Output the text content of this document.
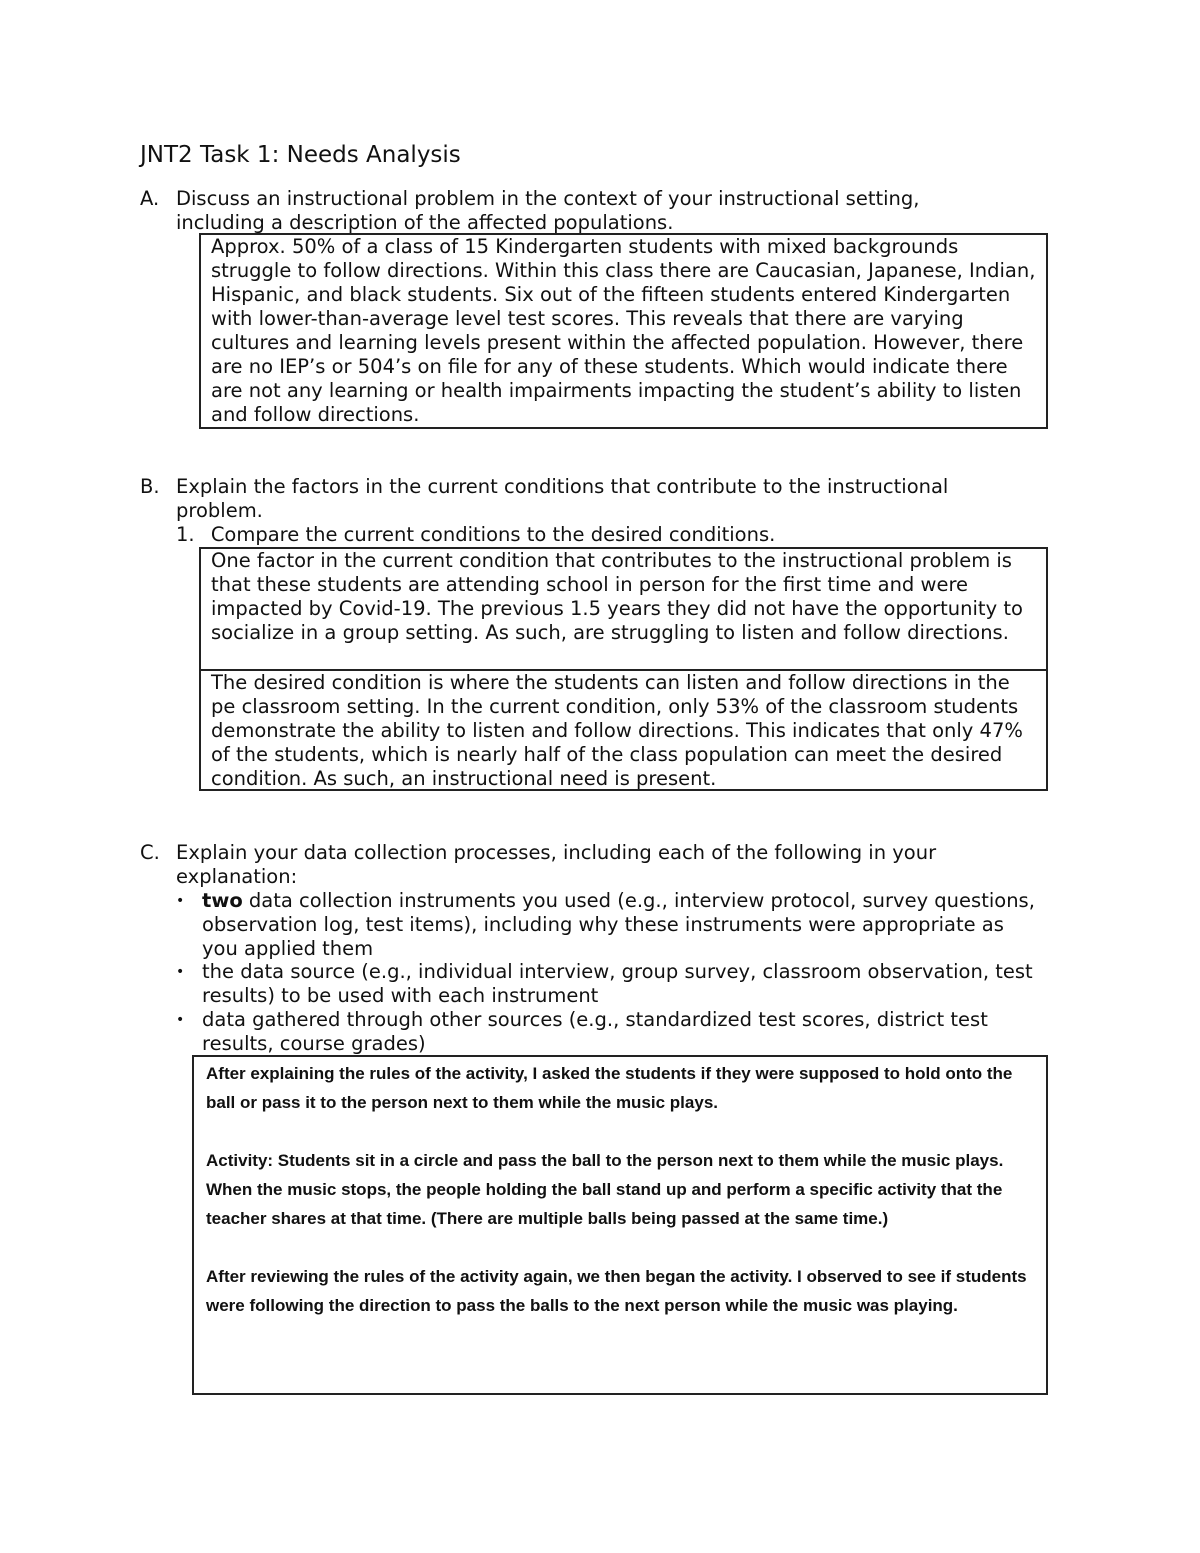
JNT2 Task 1: Needs Analysis
A. Discuss an instructional problem in the context of your instructional setting, including a description of the affected populations.

Approx. 50% of a class of 15 Kindergarten students with mixed backgrounds struggle to follow directions. Within this class there are Caucasian, Japanese, Indian, Hispanic, and black students. Six out of the fifteen students entered Kindergarten with lower-than-average level test scores. This reveals that there are varying cultures and learning levels present within the affected population. However, there are no IEP’s or 504’s on file for any of these students. Which would indicate there are not any learning or health impairments impacting the student’s ability to listen and follow directions.

B. Explain the factors in the current conditions that contribute to the instructional problem.
1. Compare the current conditions to the desired conditions.

One factor in the current condition that contributes to the instructional problem is that these students are attending school in person for the first time and were impacted by Covid-19. The previous 1.5 years they did not have the opportunity to socialize in a group setting. As such, are struggling to listen and follow directions.

The desired condition is where the students can listen and follow directions in the pe classroom setting. In the current condition, only 53% of the classroom students demonstrate the ability to listen and follow directions. This indicates that only 47% of the students, which is nearly half of the class population can meet the desired condition. As such, an instructional need is present.

C. Explain your data collection processes, including each of the following in your explanation:
• two data collection instruments you used (e.g., interview protocol, survey questions, observation log, test items), including why these instruments were appropriate as you applied them
• the data source (e.g., individual interview, group survey, classroom observation, test results) to be used with each instrument
• data gathered through other sources (e.g., standardized test scores, district test results, course grades)

After explaining the rules of the activity, I asked the students if they were supposed to hold onto the ball or pass it to the person next to them while the music plays.

Activity: Students sit in a circle and pass the ball to the person next to them while the music plays. When the music stops, the people holding the ball stand up and perform a specific activity that the teacher shares at that time. (There are multiple balls being passed at the same time.)

After reviewing the rules of the activity again, we then began the activity. I observed to see if students were following the direction to pass the balls to the next person while the music was playing.
